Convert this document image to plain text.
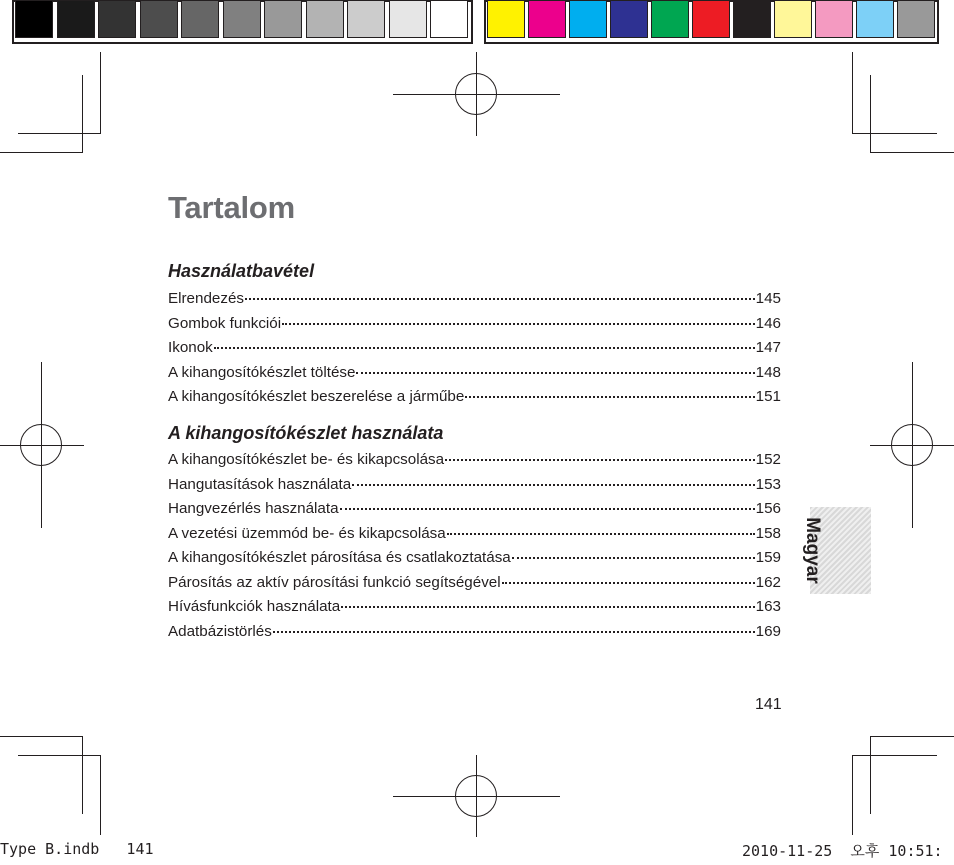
Tartalom
Használatbavétel
Elrendezés	145
Gombok funkciói	146
Ikonok	147
A kihangosítókészlet töltése	148
A kihangosítókészlet beszerelése a járműbe	151
A kihangosítókészlet használata
A kihangosítókészlet be- és kikapcsolása	152
Hangutasítások használata	153
Hangvezérlés használata	156
A vezetési üzemmód be- és kikapcsolása	158
A kihangosítókészlet párosítása és csatlakoztatása	159
Párosítás az aktív párosítási funkció segítségével	162
Hívásfunkciók használata	163
Adatbázistörlés	169
Magyar
141
Type B.indb   141	2010-11-25  오후 10:51:
